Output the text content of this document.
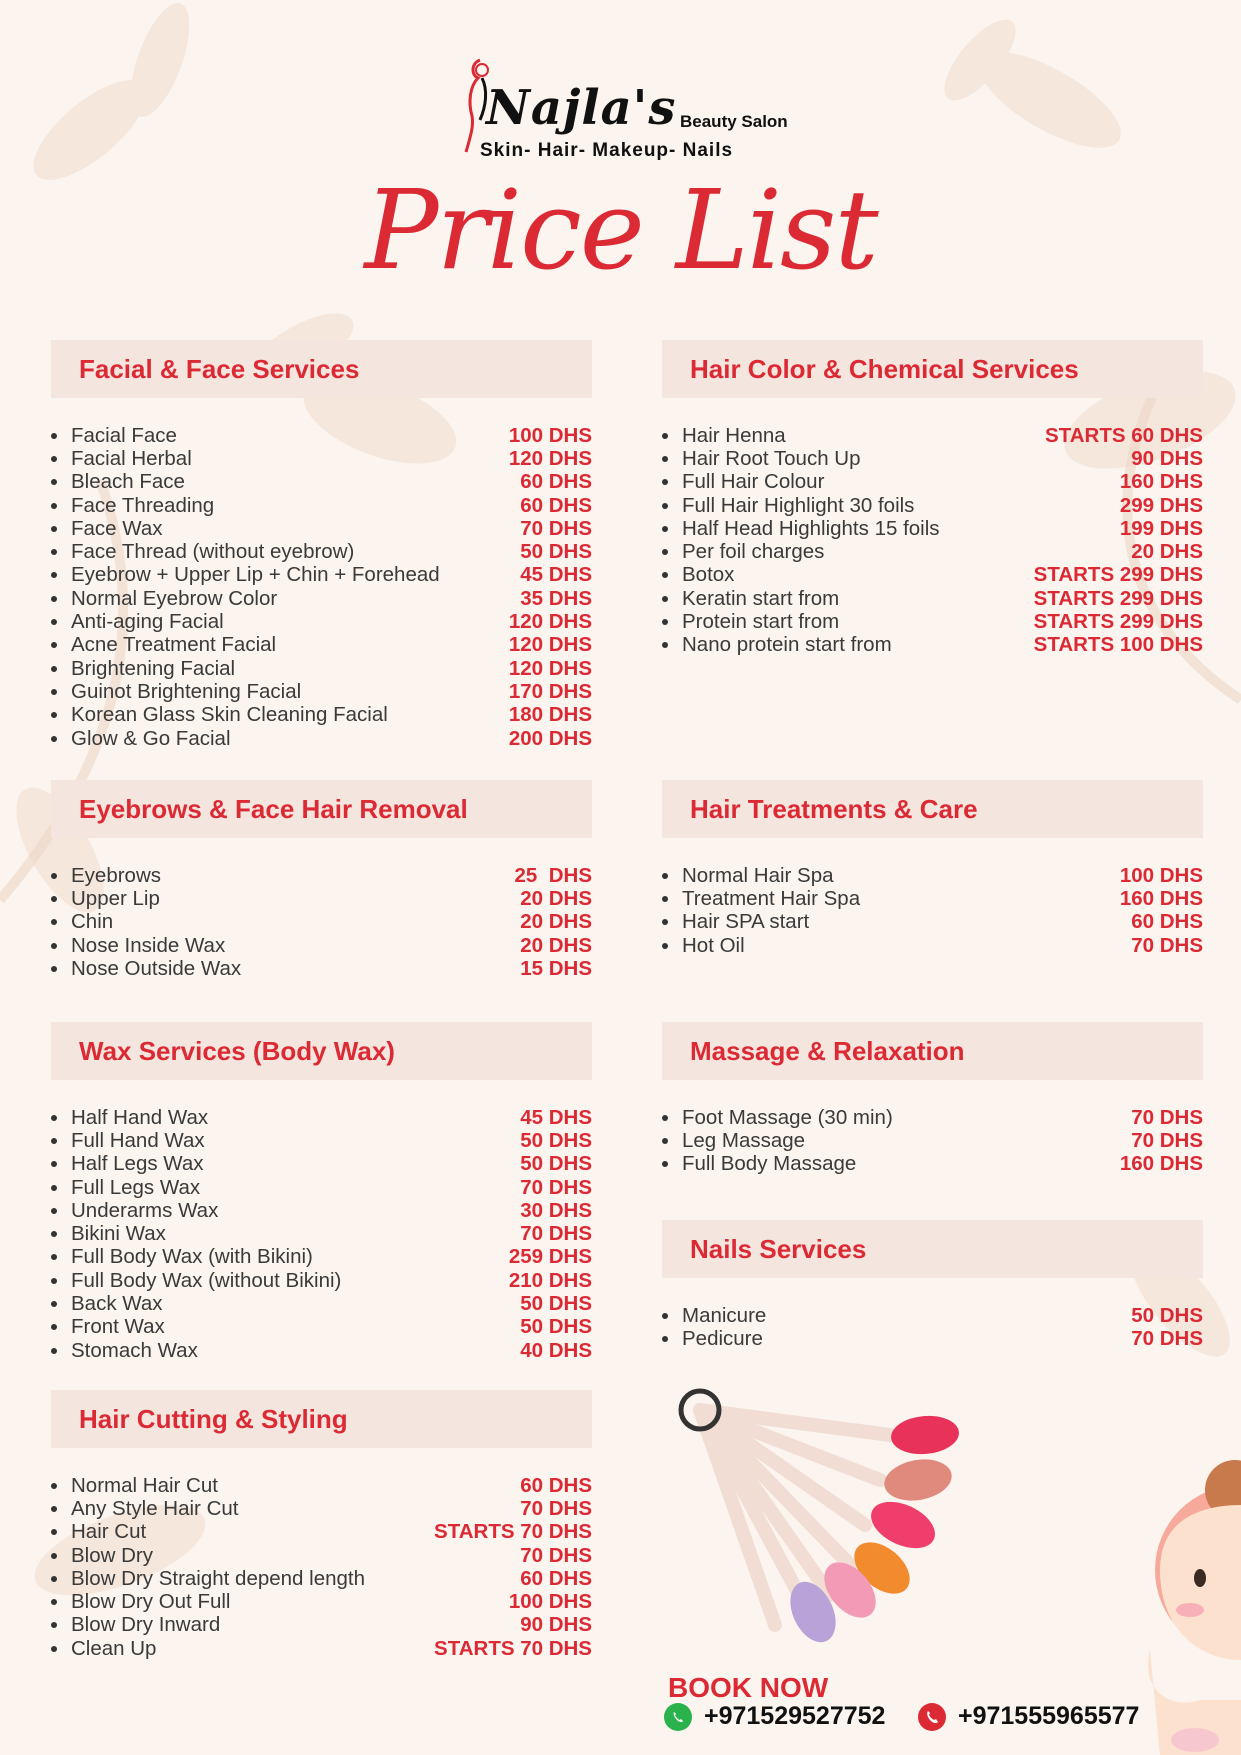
Najla's Beauty Salon
Skin- Hair- Makeup- Nails
Price List
Facial & Face Services
Facial Face	100 DHS
Facial Herbal	120 DHS
Bleach Face	60 DHS
Face Threading	60 DHS
Face Wax	70 DHS
Face Thread (without eyebrow)	50 DHS
Eyebrow + Upper Lip + Chin + Forehead	45 DHS
Normal Eyebrow Color	35 DHS
Anti-aging Facial	120 DHS
Acne Treatment Facial	120 DHS
Brightening Facial	120 DHS
Guinot Brightening Facial	170 DHS
Korean Glass Skin Cleaning Facial	180 DHS
Glow & Go Facial	200 DHS
Hair Color & Chemical Services
Hair Henna	STARTS 60 DHS
Hair Root Touch Up	90 DHS
Full Hair Colour	160 DHS
Full Hair Highlight 30 foils	299 DHS
Half Head Highlights 15 foils	199 DHS
Per foil charges	20 DHS
Botox	STARTS 299 DHS
Keratin start from	STARTS 299 DHS
Protein start from	STARTS 299 DHS
Nano protein start from	STARTS 100 DHS
Eyebrows & Face Hair Removal
Eyebrows	25  DHS
Upper Lip	20 DHS
Chin	20 DHS
Nose Inside Wax	20 DHS
Nose Outside Wax	15 DHS
Hair Treatments & Care
Normal Hair Spa	100 DHS
Treatment Hair Spa	160 DHS
Hair SPA start	60 DHS
Hot Oil	70 DHS
Wax Services (Body Wax)
Half Hand Wax	45 DHS
Full Hand Wax	50 DHS
Half Legs Wax	50 DHS
Full Legs Wax	70 DHS
Underarms Wax	30 DHS
Bikini Wax	70 DHS
Full Body Wax (with Bikini)	259 DHS
Full Body Wax (without Bikini)	210 DHS
Back Wax	50 DHS
Front Wax	50 DHS
Stomach Wax	40 DHS
Massage & Relaxation
Foot Massage (30 min)	70 DHS
Leg Massage	70 DHS
Full Body Massage	160 DHS
Nails Services
Manicure	50 DHS
Pedicure	70 DHS
Hair Cutting & Styling
Normal Hair Cut	60 DHS
Any Style Hair Cut	70 DHS
Hair Cut	STARTS 70 DHS
Blow Dry	70 DHS
Blow Dry Straight depend length	60 DHS
Blow Dry Out Full	100 DHS
Blow Dry Inward	90 DHS
Clean Up	STARTS 70 DHS
BOOK NOW
+971529527752	+971555965577
